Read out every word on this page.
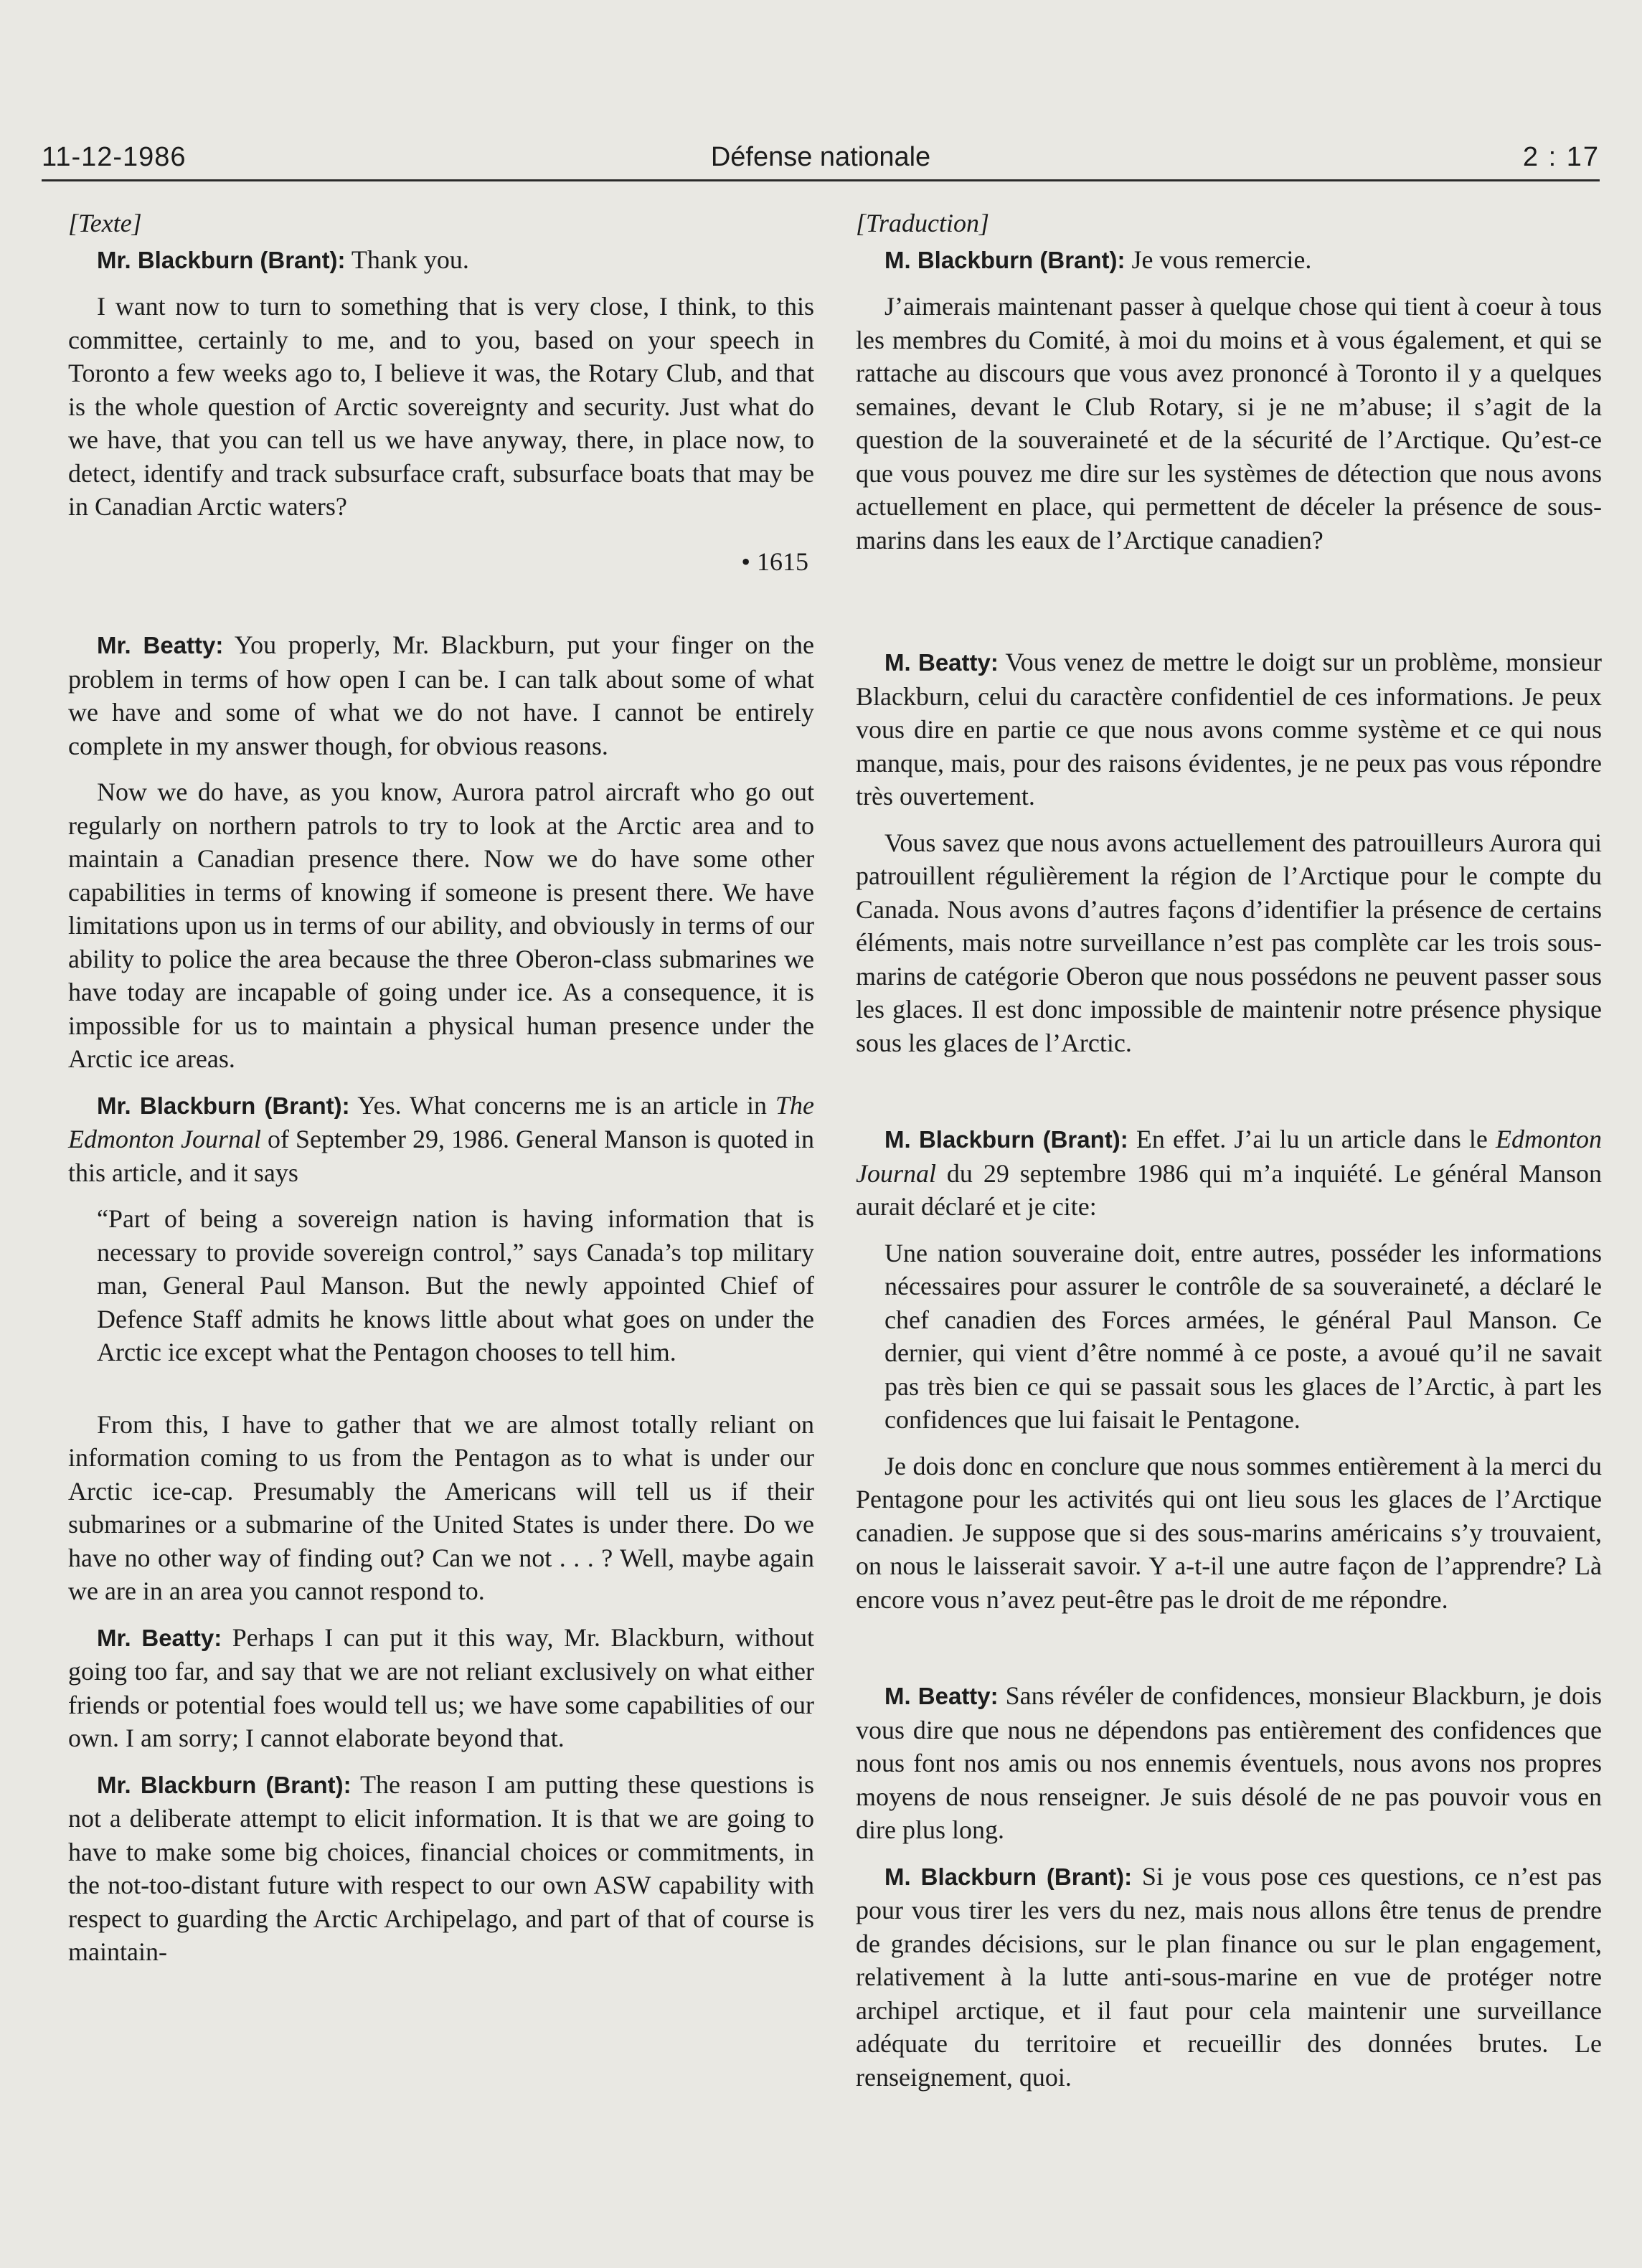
11-12-1986	Défense nationale	2 : 17

[Texte]

Mr. Blackburn (Brant): Thank you.

I want now to turn to something that is very close, I think, to this committee, certainly to me, and to you, based on your speech in Toronto a few weeks ago to, I believe it was, the Rotary Club, and that is the whole question of Arctic sovereignty and security. Just what do we have, that you can tell us we have anyway, there, in place now, to detect, identify and track subsurface craft, subsurface boats that may be in Canadian Arctic waters?

• 1615

Mr. Beatty: You properly, Mr. Blackburn, put your finger on the problem in terms of how open I can be. I can talk about some of what we have and some of what we do not have. I cannot be entirely complete in my answer though, for obvious reasons.

Now we do have, as you know, Aurora patrol aircraft who go out regularly on northern patrols to try to look at the Arctic area and to maintain a Canadian presence there. Now we do have some other capabilities in terms of knowing if someone is present there. We have limitations upon us in terms of our ability, and obviously in terms of our ability to police the area because the three Oberon-class submarines we have today are incapable of going under ice. As a consequence, it is impossible for us to maintain a physical human presence under the Arctic ice areas.

Mr. Blackburn (Brant): Yes. What concerns me is an article in The Edmonton Journal of September 29, 1986. General Manson is quoted in this article, and it says

“Part of being a sovereign nation is having information that is necessary to provide sovereign control,” says Canada’s top military man, General Paul Manson. But the newly appointed Chief of Defence Staff admits he knows little about what goes on under the Arctic ice except what the Pentagon chooses to tell him.

From this, I have to gather that we are almost totally reliant on information coming to us from the Pentagon as to what is under our Arctic ice-cap. Presumably the Americans will tell us if their submarines or a submarine of the United States is under there. Do we have no other way of finding out? Can we not . . . ? Well, maybe again we are in an area you cannot respond to.

Mr. Beatty: Perhaps I can put it this way, Mr. Blackburn, without going too far, and say that we are not reliant exclusively on what either friends or potential foes would tell us; we have some capabilities of our own. I am sorry; I cannot elaborate beyond that.

Mr. Blackburn (Brant): The reason I am putting these questions is not a deliberate attempt to elicit information. It is that we are going to have to make some big choices, financial choices or commitments, in the not-too-distant future with respect to our own ASW capability with respect to guarding the Arctic Archipelago, and part of that of course is maintain-

[Traduction]

M. Blackburn (Brant): Je vous remercie.

J’aimerais maintenant passer à quelque chose qui tient à coeur à tous les membres du Comité, à moi du moins et à vous également, et qui se rattache au discours que vous avez prononcé à Toronto il y a quelques semaines, devant le Club Rotary, si je ne m’abuse; il s’agit de la question de la souveraineté et de la sécurité de l’Arctique. Qu’est-ce que vous pouvez me dire sur les systèmes de détection que nous avons actuellement en place, qui permettent de déceler la présence de sous-marins dans les eaux de l’Arctique canadien?

M. Beatty: Vous venez de mettre le doigt sur un problème, monsieur Blackburn, celui du caractère confidentiel de ces informations. Je peux vous dire en partie ce que nous avons comme système et ce qui nous manque, mais, pour des raisons évidentes, je ne peux pas vous répondre très ouvertement.

Vous savez que nous avons actuellement des patrouilleurs Aurora qui patrouillent régulièrement la région de l’Arctique pour le compte du Canada. Nous avons d’autres façons d’identifier la présence de certains éléments, mais notre surveillance n’est pas complète car les trois sous-marins de catégorie Oberon que nous possédons ne peuvent passer sous les glaces. Il est donc impossible de maintenir notre présence physique sous les glaces de l’Arctic.

M. Blackburn (Brant): En effet. J’ai lu un article dans le Edmonton Journal du 29 septembre 1986 qui m’a inquiété. Le général Manson aurait déclaré et je cite:

Une nation souveraine doit, entre autres, posséder les informations nécessaires pour assurer le contrôle de sa souveraineté, a déclaré le chef canadien des Forces armées, le général Paul Manson. Ce dernier, qui vient d’être nommé à ce poste, a avoué qu’il ne savait pas très bien ce qui se passait sous les glaces de l’Arctic, à part les confidences que lui faisait le Pentagone.

Je dois donc en conclure que nous sommes entièrement à la merci du Pentagone pour les activités qui ont lieu sous les glaces de l’Arctique canadien. Je suppose que si des sous-marins américains s’y trouvaient, on nous le laisserait savoir. Y a-t-il une autre façon de l’apprendre? Là encore vous n’avez peut-être pas le droit de me répondre.

M. Beatty: Sans révéler de confidences, monsieur Blackburn, je dois vous dire que nous ne dépendons pas entièrement des confidences que nous font nos amis ou nos ennemis éventuels, nous avons nos propres moyens de nous renseigner. Je suis désolé de ne pas pouvoir vous en dire plus long.

M. Blackburn (Brant): Si je vous pose ces questions, ce n’est pas pour vous tirer les vers du nez, mais nous allons être tenus de prendre de grandes décisions, sur le plan finance ou sur le plan engagement, relativement à la lutte anti-sous-marine en vue de protéger notre archipel arctique, et il faut pour cela maintenir une surveillance adéquate du territoire et recueillir des données brutes. Le renseignement, quoi.
